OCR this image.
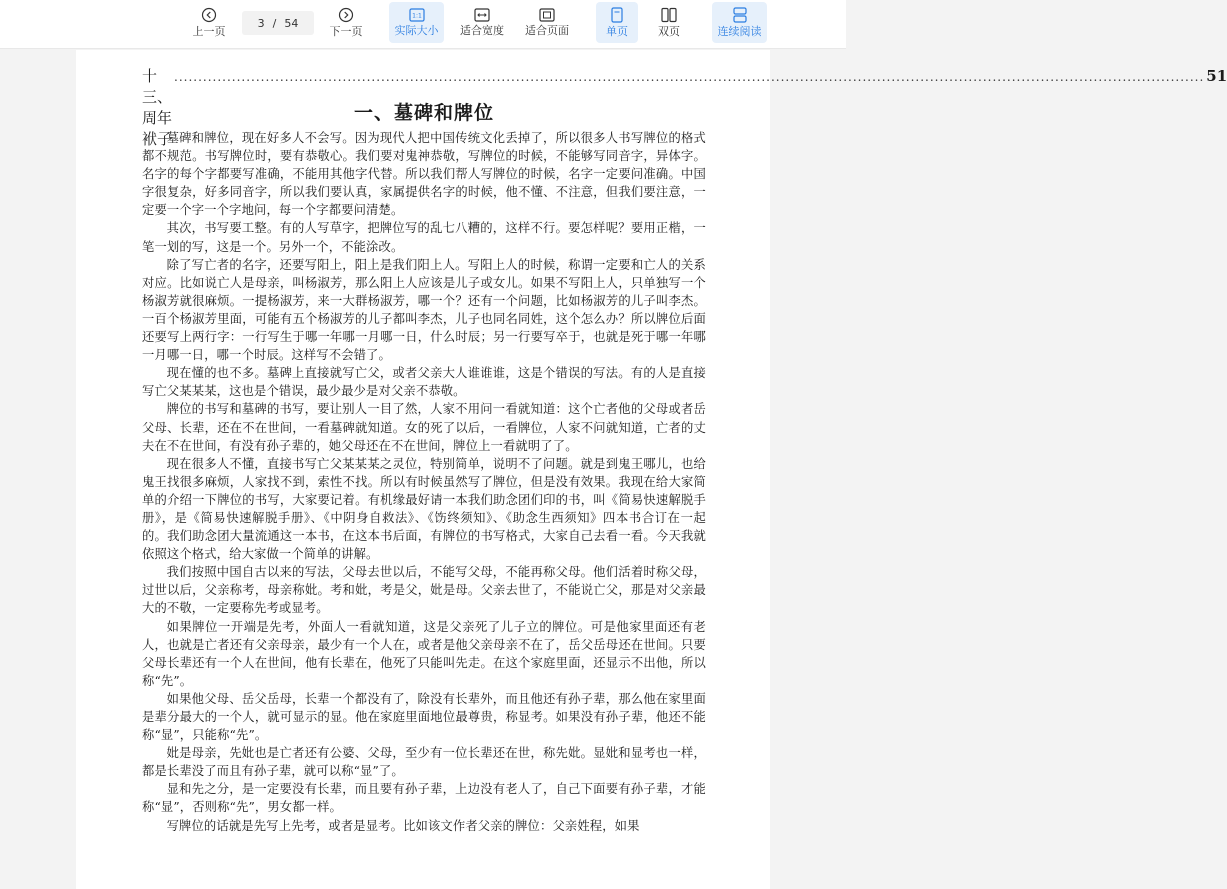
上一页
3 / 54
下一页
1:1
实际大小 适合宽度 适合页面	单页	双页	连续阅读
十三、周年袱子
...................................................................................................................................................................................................................... 51
一、墓碑和牌位

墓碑和牌位，现在好多人不会写。因为现代人把中国传统文化丢掉了，所以很多人书写牌位的格式都不规范。书写牌位时，要有恭敬心。我们要对鬼神恭敬，写牌位的时候，不能够写同音字，异体字。名字的每个字都要写准确，不能用其他字代替。所以我们帮人写牌位的时候，名字一定要问准确。中国字很复杂，好多同音字，所以我们要认真，家属提供名字的时候，他不懂、不注意，但我们要注意，一定要一个字一个字地问，每一个字都要问清楚。

其次，书写要工整。有的人写草字，把牌位写的乱七八糟的，这样不行。要怎样呢？要用正楷，一笔一划的写，这是一个。另外一个，不能涂改。

除了写亡者的名字，还要写阳上，阳上是我们阳上人。写阳上人的时候，称谓一定要和亡人的关系对应。比如说亡人是母亲，叫杨淑芳，那么阳上人应该是儿子或女儿。如果不写阳上人，只单独写一个杨淑芳就很麻烦。一提杨淑芳，来一大群杨淑芳，哪一个？还有一个问题，比如杨淑芳的儿子叫李杰。一百个杨淑芳里面，可能有五个杨淑芳的儿子都叫李杰，儿子也同名同姓，这个怎么办？所以牌位后面还要写上两行字：一行写生于哪一年哪一月哪一日，什么时辰；另一行要写卒于，也就是死于哪一年哪一月哪一日，哪一个时辰。这样写不会错了。

现在懂的也不多。墓碑上直接就写亡父，或者父亲大人谁谁谁，这是个错误的写法。有的人是直接写亡父某某某，这也是个错误，最少最少是对父亲不恭敬。

牌位的书写和墓碑的书写，要让别人一目了然，人家不用问一看就知道：这个亡者他的父母或者岳父母、长辈，还在不在世间，一看墓碑就知道。女的死了以后，一看牌位，人家不问就知道，亡者的丈夫在不在世间，有没有孙子辈的，她父母还在不在世间，牌位上一看就明了了。

现在很多人不懂，直接书写亡父某某某之灵位，特别简单，说明不了问题。就是到鬼王哪儿，也给鬼王找很多麻烦，人家找不到，索性不找。所以有时候虽然写了牌位，但是没有效果。我现在给大家简单的介绍一下牌位的书写，大家要记着。有机缘最好请一本我们助念团们印的书，叫《简易快速解脱手册》，是《简易快速解脱手册》、《中阴身自救法》、《饬终须知》、《助念生西须知》四本书合订在一起的。我们助念团大量流通这一本书，在这本书后面，有牌位的书写格式，大家自己去看一看。今天我就依照这个格式，给大家做一个简单的讲解。

我们按照中国自古以来的写法，父母去世以后，不能写父母，不能再称父母。他们活着时称父母，过世以后，父亲称考，母亲称妣。考和妣，考是父，妣是母。父亲去世了，不能说亡父，那是对父亲最大的不敬，一定要称先考或显考。

如果牌位一开端是先考，外面人一看就知道，这是父亲死了儿子立的牌位。可是他家里面还有老人，也就是亡者还有父亲母亲，最少有一个人在，或者是他父亲母亲不在了，岳父岳母还在世间。只要父母长辈还有一个人在世间，他有长辈在，他死了只能叫先走。在这个家庭里面，还显示不出他，所以称“先”。

如果他父母、岳父岳母，长辈一个都没有了，除没有长辈外，而且他还有孙子辈，那么他在家里面是辈分最大的一个人，就可显示的显。他在家庭里面地位最尊贵，称显考。如果没有孙子辈，他还不能称“显”，只能称“先”。

妣是母亲，先妣也是亡者还有公婆、父母，至少有一位长辈还在世，称先妣。显妣和显考也一样，都是长辈没了而且有孙子辈，就可以称“显”了。

显和先之分，是一定要没有长辈，而且要有孙子辈，上边没有老人了，自己下面要有孙子辈，才能称“显”，否则称“先”，男女都一样。

写牌位的话就是先写上先考，或者是显考。比如该文作者父亲的牌位：父亲姓程，如果
